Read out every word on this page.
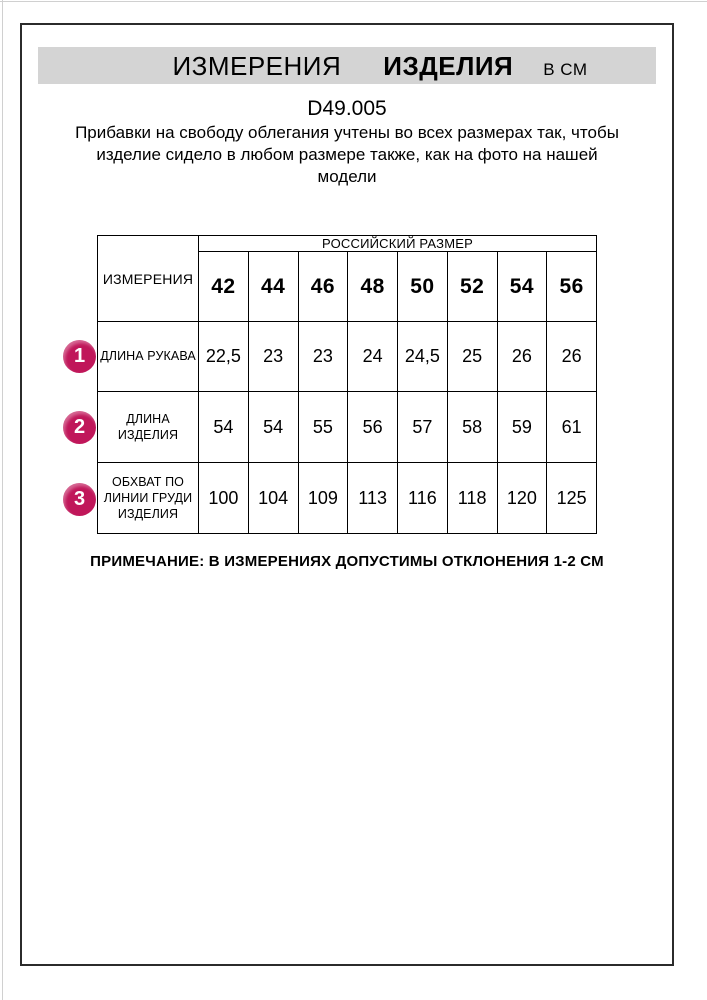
ИЗМЕРЕНИЯ ИЗДЕЛИЯ В СМ
D49.005
Прибавки на свободу облегания учтены во всех размерах так, чтобы
изделие сидело в любом размере также, как на фото на нашей
модели
ИЗМЕРЕНИЯ	РОССИЙСКИЙ РАЗМЕР							
	42	44	46	48	50	52	54	56

ДЛИНА РУКАВА	22,5	23	23	24	24,5	25	26	26

ДЛИНА
ИЗДЕЛИЯ	54	54	55	56	57	58	59	61

ОБХВАТ ПО
ЛИНИИ ГРУДИ
ИЗДЕЛИЯ	100	104	109	113	116	118	120	125
1
2
3
ПРИМЕЧАНИЕ: В ИЗМЕРЕНИЯХ ДОПУСТИМЫ ОТКЛОНЕНИЯ 1-2 СМ
